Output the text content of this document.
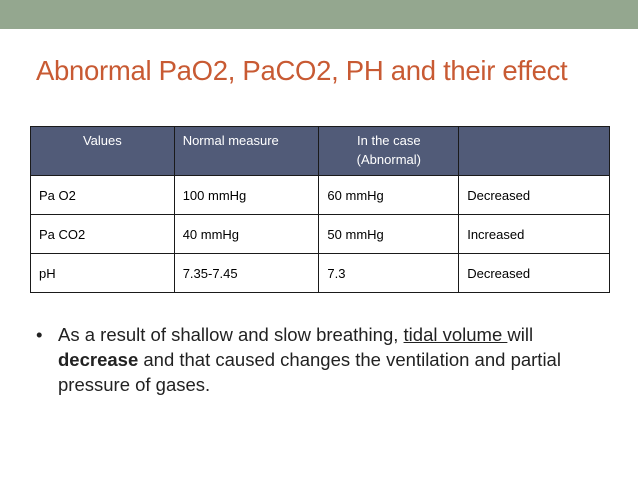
Abnormal PaO2, PaCO2, PH and their effect
Values	Normal measure	In the case
(Abnormal)	
Pa O2	100 mmHg	60 mmHg	Decreased
Pa CO2	40 mmHg	50 mmHg	Increased
pH	7.35-7.45	7.3	Decreased
• As a result of shallow and slow breathing, tidal volume will decrease and that caused changes the ventilation and partial pressure of gases.
